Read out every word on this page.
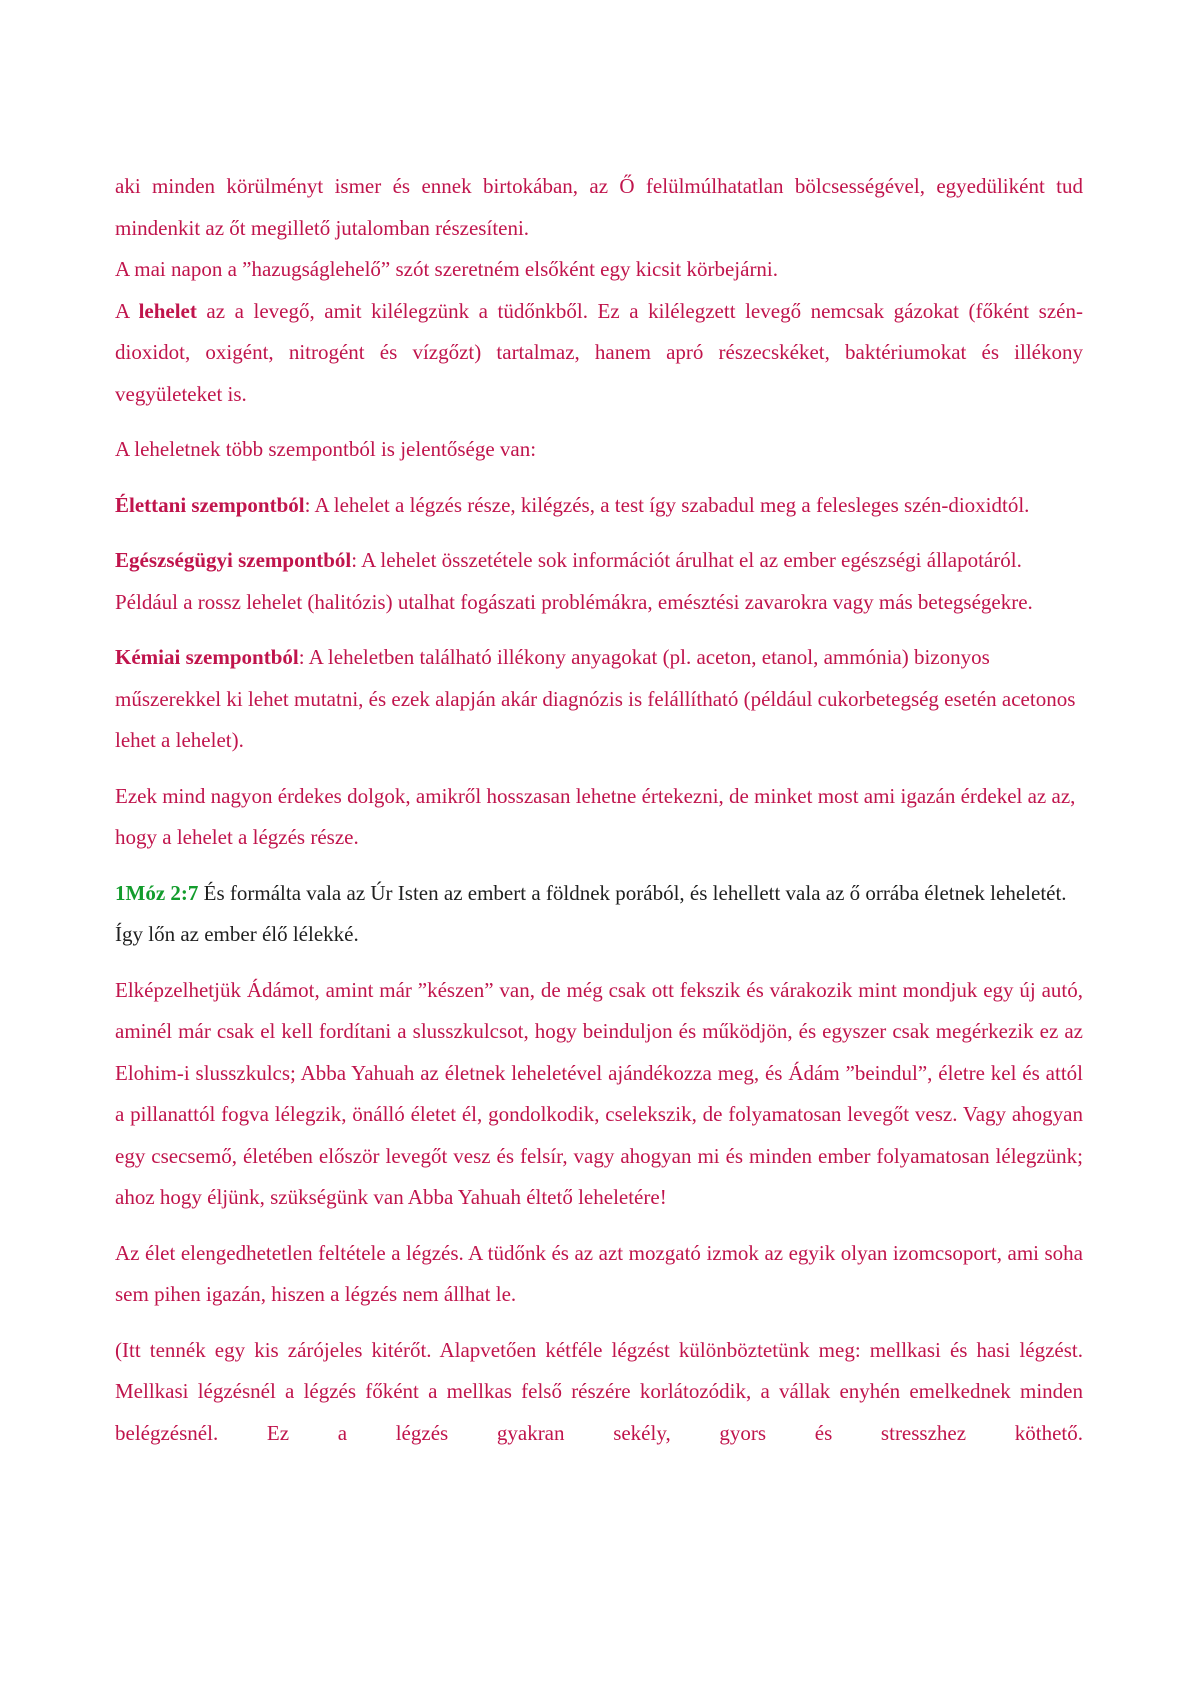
aki minden körülményt ismer és ennek birtokában, az Ő felülmúlhatatlan bölcsességével, egyedüliként tud mindenkit az őt megillető jutalomban részesíteni.

A mai napon a ”hazugságlehelő” szót szeretném elsőként egy kicsit körbejárni.

A lehelet az a levegő, amit kilélegzünk a tüdőnkből. Ez a kilélegzett levegő nemcsak gázokat (főként szén-dioxidot, oxigént, nitrogént és vízgőzt) tartalmaz, hanem apró részecskéket, baktériumokat és illékony vegyületeket is.

A leheletnek több szempontból is jelentősége van:

Élettani szempontból: A lehelet a légzés része, kilégzés, a test így szabadul meg a felesleges szén-dioxidtól.

Egészségügyi szempontból: A lehelet összetétele sok információt árulhat el az ember egészségi állapotáról. Például a rossz lehelet (halitózis) utalhat fogászati problémákra, emésztési zavarokra vagy más betegségekre.

Kémiai szempontból: A leheletben található illékony anyagokat (pl. aceton, etanol, ammónia) bizonyos műszerekkel ki lehet mutatni, és ezek alapján akár diagnózis is felállítható (például cukorbetegség esetén acetonos lehet a lehelet).

Ezek mind nagyon érdekes dolgok, amikről hosszasan lehetne értekezni, de minket most ami igazán érdekel az az, hogy a lehelet a légzés része.

1Móz 2:7 És formálta vala az Úr Isten az embert a földnek porából, és lehellett vala az ő orrába életnek leheletét. Így lőn az ember élő lélekké.

Elképzelhetjük Ádámot, amint már ”készen” van, de még csak ott fekszik és várakozik mint mondjuk egy új autó, aminél már csak el kell fordítani a slusszkulcsot, hogy beinduljon és működjön, és egyszer csak megérkezik ez az Elohim-i slusszkulcs; Abba Yahuah az életnek leheletével ajándékozza meg, és Ádám ”beindul”, életre kel és attól a pillanattól fogva lélegzik, önálló életet él, gondolkodik, cselekszik, de folyamatosan levegőt vesz. Vagy ahogyan egy csecsemő, életében először levegőt vesz és felsír, vagy ahogyan mi és minden ember folyamatosan lélegzünk; ahoz hogy éljünk, szükségünk van Abba Yahuah éltető leheletére!

Az élet elengedhetetlen feltétele a légzés. A tüdőnk és az azt mozgató izmok az egyik olyan izomcsoport, ami soha sem pihen igazán, hiszen a légzés nem állhat le.

(Itt tennék egy kis zárójeles kitérőt. Alapvetően kétféle légzést különböztetünk meg: mellkasi és hasi légzést. Mellkasi légzésnél a légzés főként a mellkas felső részére korlátozódik, a vállak enyhén emelkednek minden belégzésnél. Ez a légzés gyakran sekély, gyors és stresszhez köthető.
